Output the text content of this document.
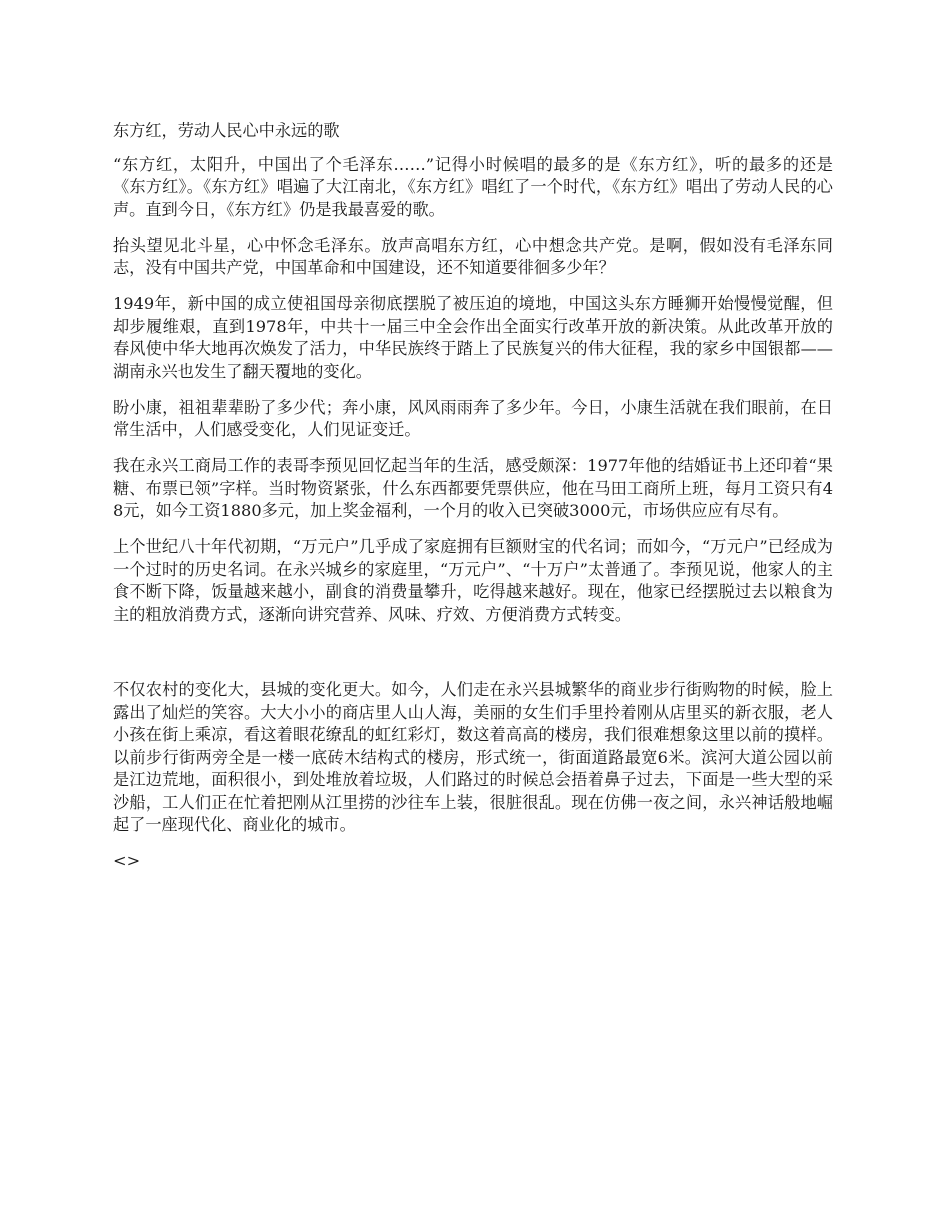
东方红，劳动人民心中永远的歌

“东方红，太阳升，中国出了个毛泽东……”记得小时候唱的最多的是《东方红》，听的最多的还是《东方红》。《东方红》唱遍了大江南北，《东方红》唱红了一个时代，《东方红》唱出了劳动人民的心声。直到今日，《东方红》仍是我最喜爱的歌。

抬头望见北斗星，心中怀念毛泽东。放声高唱东方红，心中想念共产党。是啊，假如没有毛泽东同志，没有中国共产党，中国革命和中国建设，还不知道要徘徊多少年？

1949年，新中国的成立使祖国母亲彻底摆脱了被压迫的境地，中国这头东方睡狮开始慢慢觉醒，但却步履维艰，直到1978年，中共十一届三中全会作出全面实行改革开放的新决策。从此改革开放的春风使中华大地再次焕发了活力，中华民族终于踏上了民族复兴的伟大征程，我的家乡中国银都——湖南永兴也发生了翻天覆地的变化。

盼小康，祖祖辈辈盼了多少代；奔小康，风风雨雨奔了多少年。今日，小康生活就在我们眼前，在日常生活中，人们感受变化，人们见证变迁。

我在永兴工商局工作的表哥李预见回忆起当年的生活，感受颇深：1977年他的结婚证书上还印着“果糖、布票已领”字样。当时物资紧张，什么东西都要凭票供应，他在马田工商所上班，每月工资只有48元，如今工资1880多元，加上奖金福利，一个月的收入已突破3000元，市场供应应有尽有。

上个世纪八十年代初期，“万元户”几乎成了家庭拥有巨额财宝的代名词；而如今，“万元户”已经成为一个过时的历史名词。在永兴城乡的家庭里，“万元户”、“十万户”太普通了。李预见说，他家人的主食不断下降，饭量越来越小，副食的消费量攀升，吃得越来越好。现在，他家已经摆脱过去以粮食为主的粗放消费方式，逐渐向讲究营养、风味、疗效、方便消费方式转变。

不仅农村的变化大，县城的变化更大。如今，人们走在永兴县城繁华的商业步行街购物的时候，脸上露出了灿烂的笑容。大大小小的商店里人山人海，美丽的女生们手里拎着刚从店里买的新衣服，老人小孩在街上乘凉，看这着眼花缭乱的虹红彩灯，数这着高高的楼房，我们很难想象这里以前的摸样。以前步行街两旁全是一楼一底砖木结构式的楼房，形式统一，街面道路最宽6米。滨河大道公园以前是江边荒地，面积很小，到处堆放着垃圾，人们路过的时候总会捂着鼻子过去，下面是一些大型的采沙船，工人们正在忙着把刚从江里捞的沙往车上装，很脏很乱。现在仿佛一夜之间，永兴神话般地崛起了一座现代化、商业化的城市。

<>
